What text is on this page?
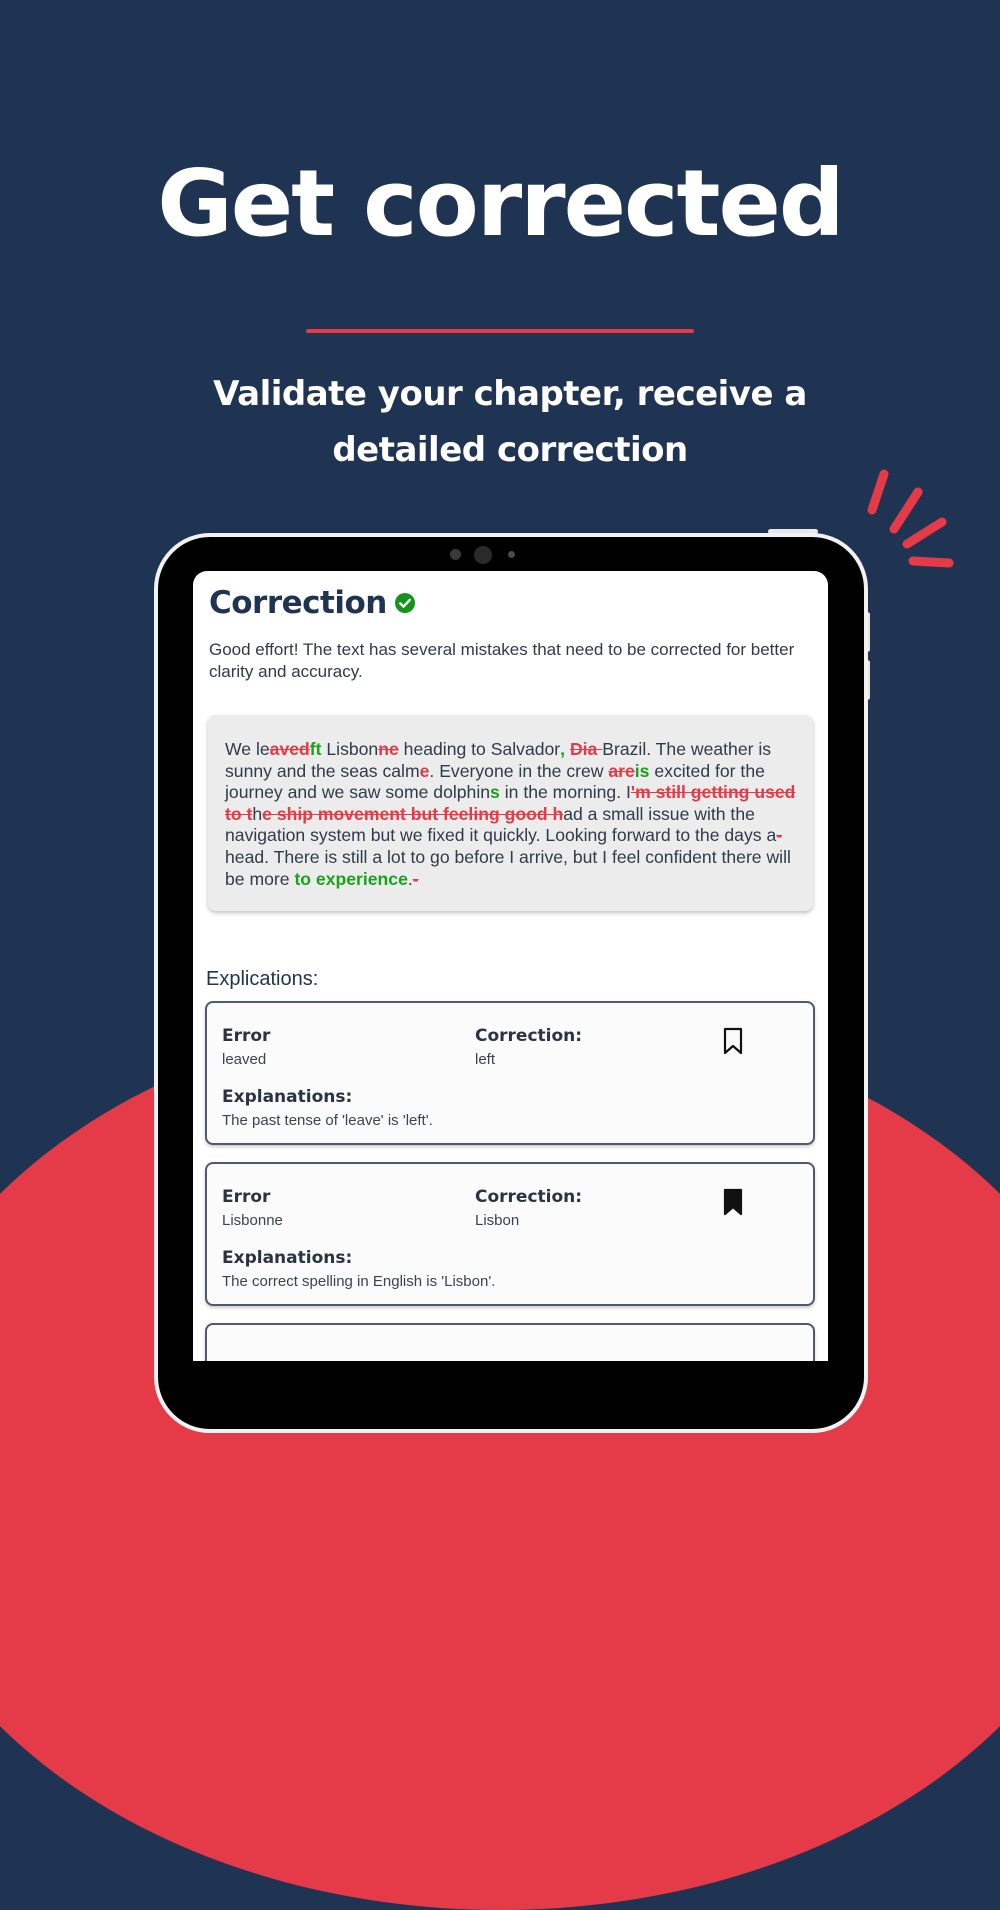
Get corrected
Validate your chapter, receive a detailed correction
Correction
Good effort! The text has several mistakes that need to be corrected for better clarity and accuracy.
We leavedft Lisbonne heading to Salvador, Dia Brazil. The weather is sunny and the seas calme. Everyone in the crew areis excited for the journey and we saw some dolphins in the morning. I'm still getting used to the ship movement but feeling good had a small issue with the navigation system but we fixed it quickly. Looking forward to the days a-head. There is still a lot to go before I arrive, but I feel confident there will be more to experience.-
Explications:
Error
leaved
Correction:
left
Explanations:
The past tense of 'leave' is 'left'.
Error
Lisbonne
Correction:
Lisbon
Explanations:
The correct spelling in English is 'Lisbon'.
